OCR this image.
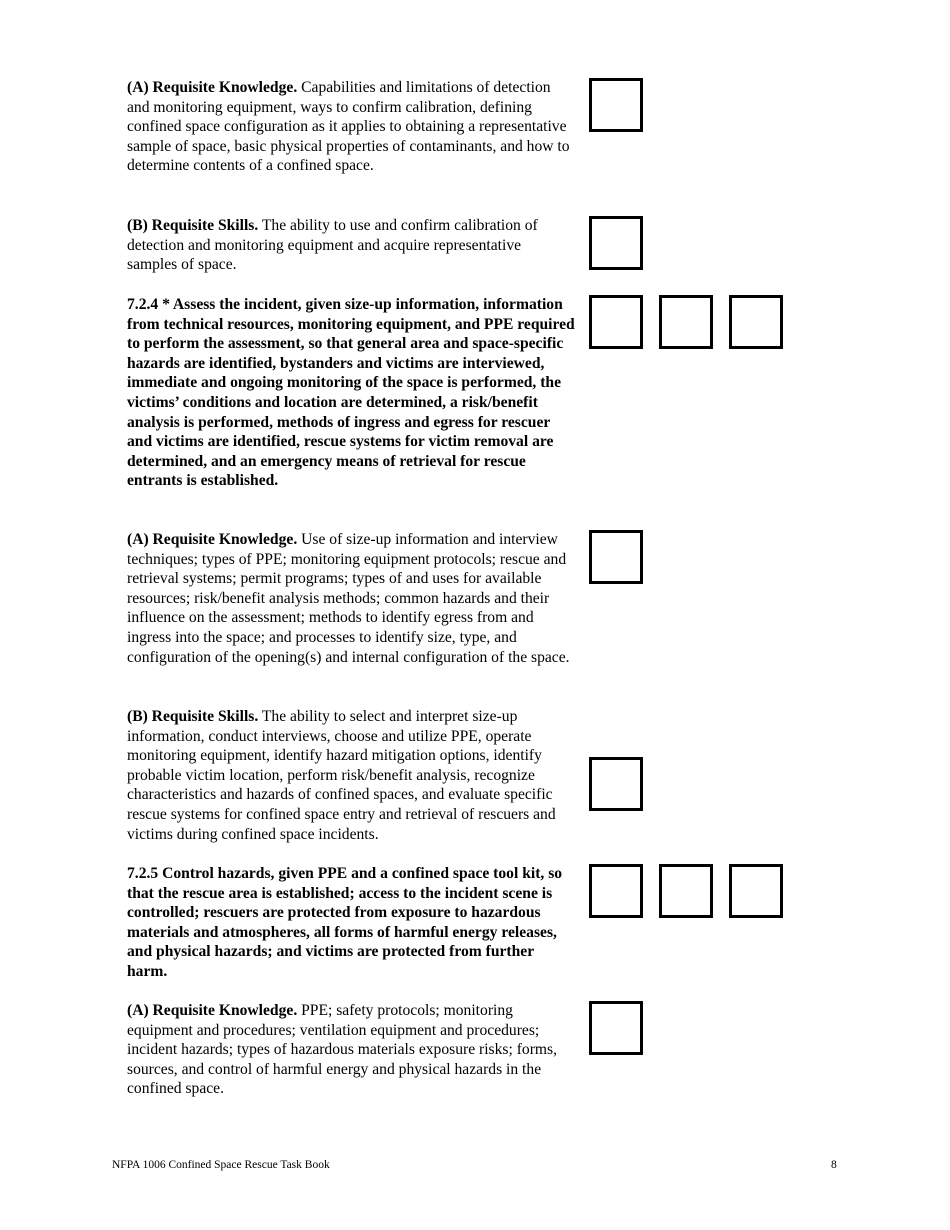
(A) Requisite Knowledge. Capabilities and limitations of detection and monitoring equipment, ways to confirm calibration, defining confined space configuration as it applies to obtaining a representative sample of space, basic physical properties of contaminants, and how to determine contents of a confined space.

(B) Requisite Skills. The ability to use and confirm calibration of detection and monitoring equipment and acquire representative samples of space.

7.2.4 * Assess the incident, given size-up information, information from technical resources, monitoring equipment, and PPE required to perform the assessment, so that general area and space-specific hazards are identified, bystanders and victims are interviewed, immediate and ongoing monitoring of the space is performed, the victims’ conditions and location are determined, a risk/benefit analysis is performed, methods of ingress and egress for rescuer and victims are identified, rescue systems for victim removal are determined, and an emergency means of retrieval for rescue entrants is established.

(A) Requisite Knowledge. Use of size-up information and interview techniques; types of PPE; monitoring equipment protocols; rescue and retrieval systems; permit programs; types of and uses for available resources; risk/benefit analysis methods; common hazards and their influence on the assessment; methods to identify egress from and ingress into the space; and processes to identify size, type, and configuration of the opening(s) and internal configuration of the space.

(B) Requisite Skills. The ability to select and interpret size-up information, conduct interviews, choose and utilize PPE, operate monitoring equipment, identify hazard mitigation options, identify probable victim location, perform risk/benefit analysis, recognize characteristics and hazards of confined spaces, and evaluate specific rescue systems for confined space entry and retrieval of rescuers and victims during confined space incidents.

7.2.5 Control hazards, given PPE and a confined space tool kit, so that the rescue area is established; access to the incident scene is controlled; rescuers are protected from exposure to hazardous materials and atmospheres, all forms of harmful energy releases, and physical hazards; and victims are protected from further harm.

(A) Requisite Knowledge. PPE; safety protocols; monitoring equipment and procedures; ventilation equipment and procedures; incident hazards; types of hazardous materials exposure risks; forms, sources, and control of harmful energy and physical hazards in the confined space.

NFPA 1006 Confined Space Rescue Task Book	8
